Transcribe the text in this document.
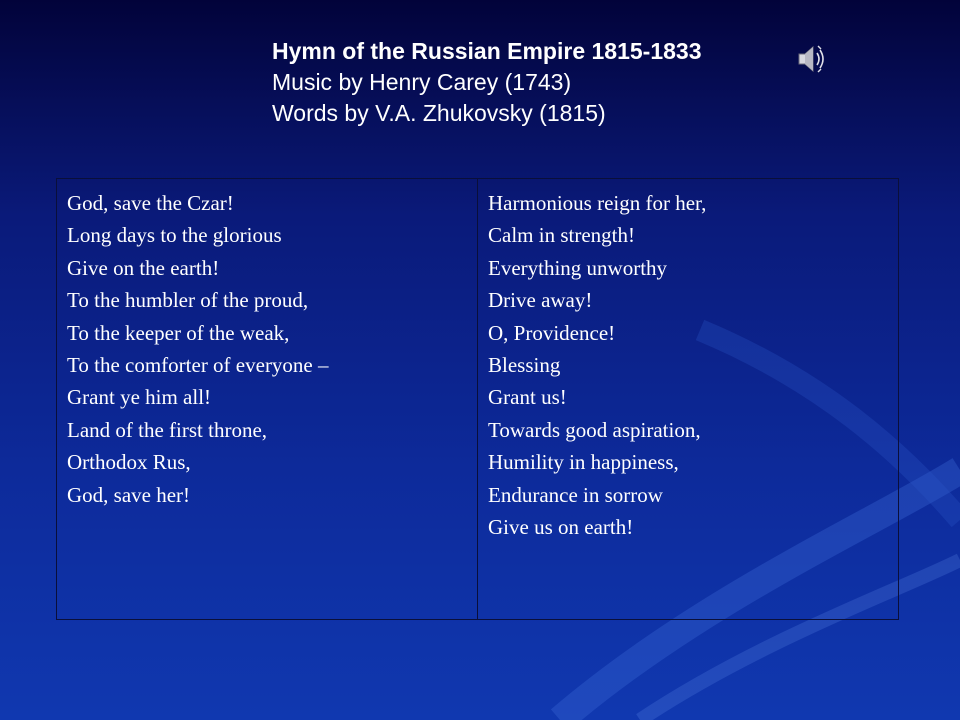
Hymn of the Russian Empire 1815-1833
Music by Henry Carey (1743)
Words by V.A. Zhukovsky (1815)
God, save the Czar!
Long days to the glorious
Give on the earth!
To the humbler of the proud,
To the keeper of the weak,
To the comforter of everyone –
Grant ye him all!
Land of the first throne,
Orthodox Rus,
God, save her!
Harmonious reign for her,
Calm in strength!
Everything unworthy
Drive away!
O, Providence!
Blessing
Grant us!
Towards good aspiration,
Humility in happiness,
Endurance in sorrow
Give us on earth!
